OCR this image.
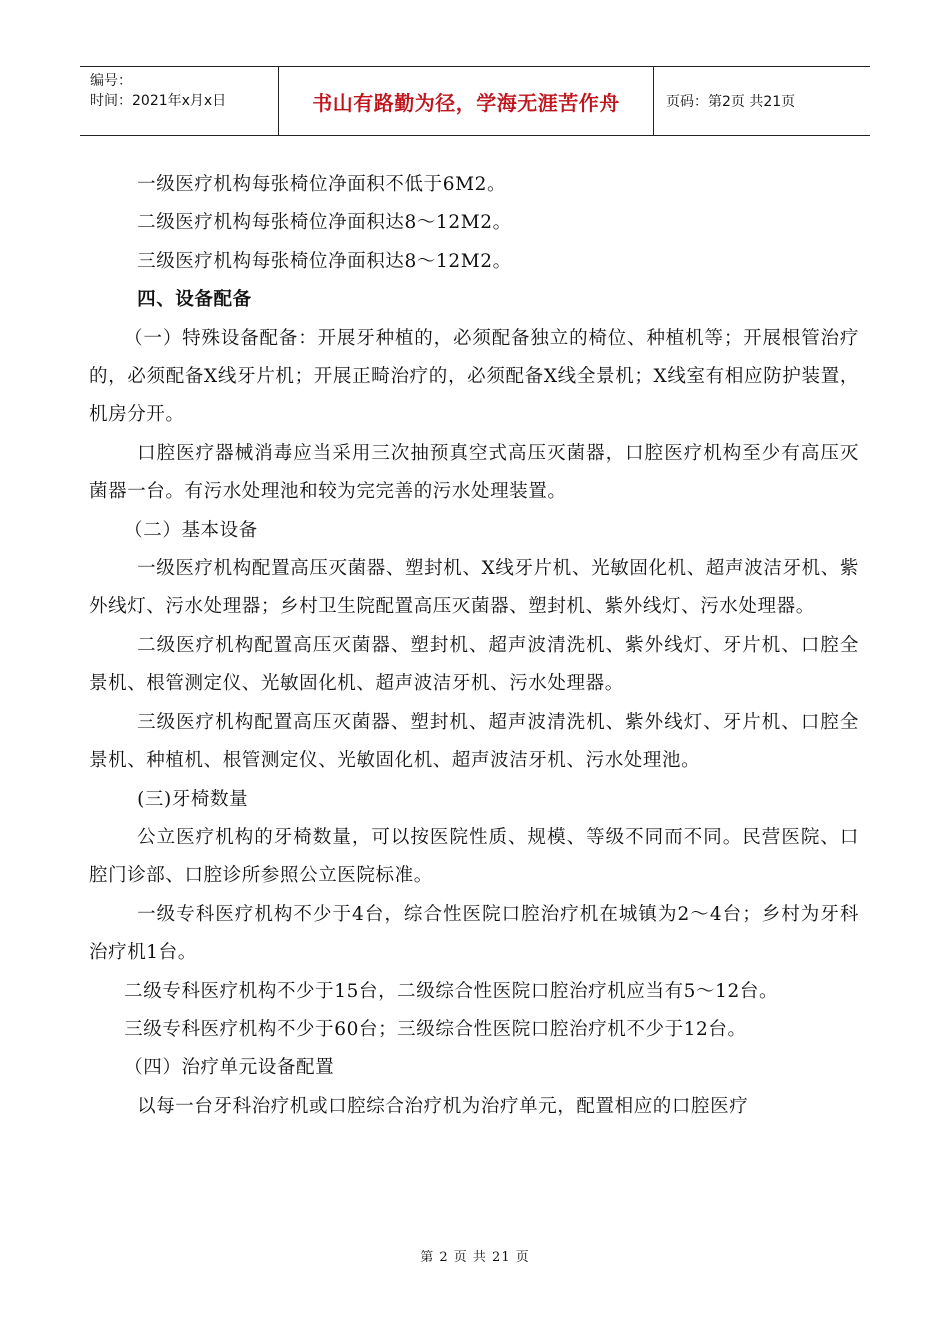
编号：
时间：2021年x月x日	书山有路勤为径，学海无涯苦作舟	页码：第2页 共21页

一级医疗机构每张椅位净面积不低于6M2。

二级医疗机构每张椅位净面积达8～12M2。

三级医疗机构每张椅位净面积达8～12M2。

四、设备配备

（一）特殊设备配备：开展牙种植的，必须配备独立的椅位、种植机等；开展根管治疗的，必须配备X线牙片机；开展正畸治疗的，必须配备X线全景机；X线室有相应防护装置，机房分开。

口腔医疗器械消毒应当采用三次抽预真空式高压灭菌器，口腔医疗机构至少有高压灭菌器一台。有污水处理池和较为完完善的污水处理装置。

（二）基本设备

一级医疗机构配置高压灭菌器、塑封机、X线牙片机、光敏固化机、超声波洁牙机、紫外线灯、污水处理器；乡村卫生院配置高压灭菌器、塑封机、紫外线灯、污水处理器。

二级医疗机构配置高压灭菌器、塑封机、超声波清洗机、紫外线灯、牙片机、口腔全景机、根管测定仪、光敏固化机、超声波洁牙机、污水处理器。

三级医疗机构配置高压灭菌器、塑封机、超声波清洗机、紫外线灯、牙片机、口腔全景机、种植机、根管测定仪、光敏固化机、超声波洁牙机、污水处理池。

(三)牙椅数量

公立医疗机构的牙椅数量，可以按医院性质、规模、等级不同而不同。民营医院、口腔门诊部、口腔诊所参照公立医院标准。

一级专科医疗机构不少于4台，综合性医院口腔治疗机在城镇为2～4台；乡村为牙科治疗机1台。

二级专科医疗机构不少于15台，二级综合性医院口腔治疗机应当有5～12台。

三级专科医疗机构不少于60台；三级综合性医院口腔治疗机不少于12台。

（四）治疗单元设备配置

以每一台牙科治疗机或口腔综合治疗机为治疗单元，配置相应的口腔医疗

第 2 页 共 21 页
